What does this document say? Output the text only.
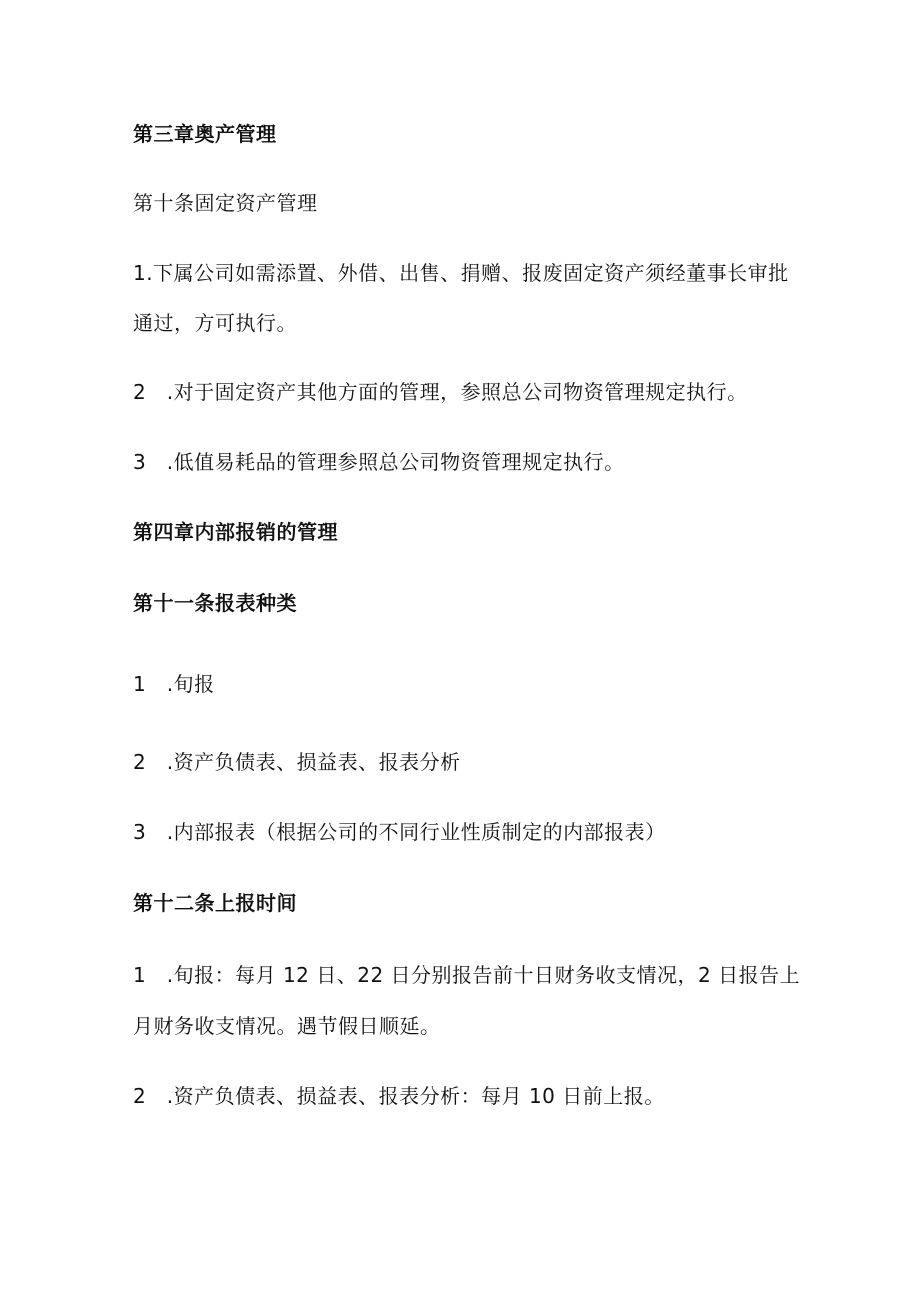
第三章奥产管理

第十条固定资产管理

1.下属公司如需添置、外借、出售、捐赠、报废固定资产须经董事长审批

通过，方可执行。

2　.对于固定资产其他方面的管理，参照总公司物资管理规定执行。

3　.低值易耗品的管理参照总公司物资管理规定执行。

第四章内部报销的管理

第十一条报表种类

1　.旬报

2　.资产负债表、损益表、报表分析

3　.内部报表（根据公司的不同行业性质制定的内部报表）

第十二条上报时间

1　.旬报：每月 12 日、22 日分别报告前十日财务收支情况，2 日报告上

月财务收支情况。遇节假日顺延。

2　.资产负债表、损益表、报表分析：每月 10 日前上报。
